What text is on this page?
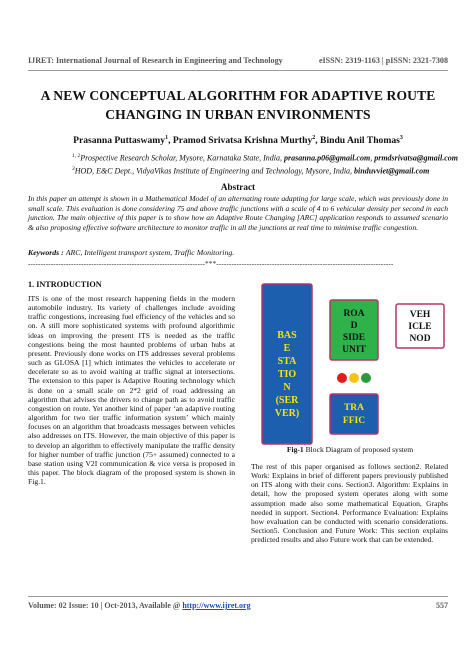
IJRET: International Journal of Research in Engineering and Technology	eISSN: 2319-1163 | pISSN: 2321-7308
A NEW CONCEPTUAL ALGORITHM FOR ADAPTIVE ROUTE
CHANGING IN URBAN ENVIRONMENTS
Prasanna Puttaswamy$^1$, Pramod Srivatsa Krishna Murthy$^2$, Bindu Anil Thomas$^3$
$^{1, 2}$Prospective Research Scholar, Mysore, Karnataka State, India, prasanna.p06@gmail.com, prmdsrivatsa@gmail.com
$^3$HOD, E&C Dept., VidyaVikas Institute of Engineering and Technology, Mysore, India, binduvviet@gmail.com
Abstract
In this paper an attempt is shown in a Mathematical Model of an alternating route adapting for large scale, which was previously done in small scale. This evaluation is done considering 75 and above traffic junctions with a scale of 4 to 6 vehicular density per second in each junction. The main objective of this paper is to show how an Adaptive Route Changing [ARC] application responds to assumed scenario & also proposing effective software architecture to monitor traffic in all the junctions at real time to minimise traffic congestion.
Keywords : ARC, Intelligent transport system, Traffic Monitoring.
----------------------------------------------------------------------***----------------------------------------------------------------------
1. INTRODUCTION
ITS is one of the most research happening fields in the modern automobile industry. Its variety of challenges include avoiding traffic congestions, increasing fuel efficiency of the vehicles and so on. A still more sophisticated systems with profound algorithmic ideas on improving the present ITS is needed as the traffic congestions being the most haunted problems of urban hubs at present. Previously done works on ITS addresses several problems such as GLOSA [1] which intimates the vehicles to accelerate or decelerate so as to avoid waiting at traffic signal at intersections. The extension to this paper is Adaptive Routing technology which is done on a small scale on 2*2 grid of road addressing an algorithm that advises the drivers to change path as to avoid traffic congestion on route. Yet another kind of paper ‘an adaptive routing algorithm for two tier traffic information system’ which mainly focuses on an algorithm that broadcasts messages between vehicles also addresses on ITS. However, the main objective of this paper is to develop an algorithm to effectively manipulate the traffic density for higher number of traffic junction (75+ assumed) connected to a base station using V2I communication & vice versa is proposed in this paper. The block diagram of the proposed system is shown in Fig.1.
BAS
E
STA
TIO
N
(SER
VER)
ROA
D
SIDE
UNIT
VEH
ICLE
NOD
TRA
FFIC
Fig-1 Block Diagram of proposed system
The rest of this paper organised as follows section2. Related Work: Explains in brief of different papers previously published on ITS along with their cons. Section3. Algorithm: Explains in detail, how the proposed system operates along with some assumption made also some mathematical Equation, Graphs needed in support. Section4. Performance Evaluation: Explains how evaluation can be conducted with scenario considerations. Section5. Conclusion and Future Work: This section explains predicted results and also Future work that can be extended.
Volume: 02 Issue: 10 | Oct-2013, Available @ http://www.ijret.org	557
